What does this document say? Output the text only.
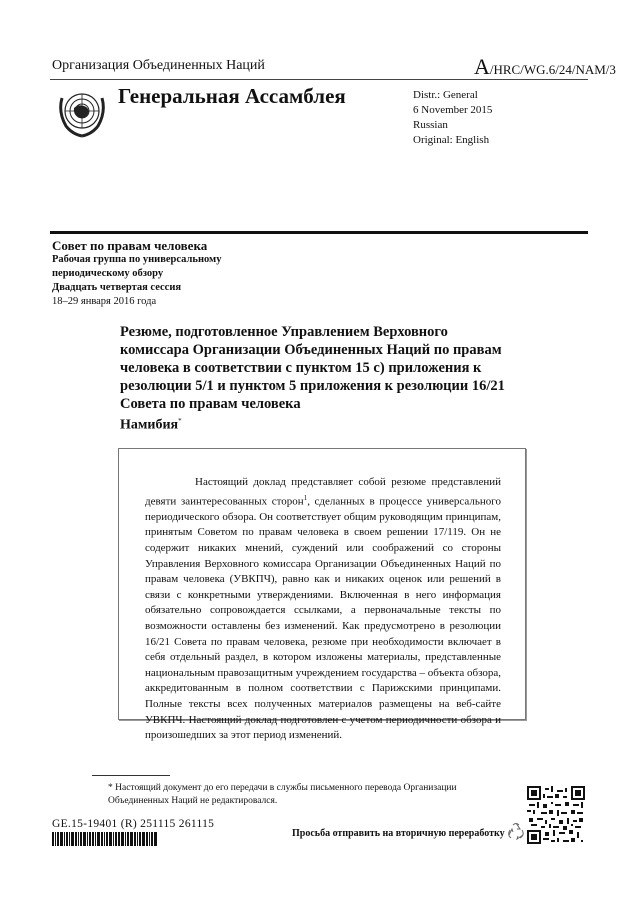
Организация Объединенных Наций	A/HRC/WG.6/24/NAM/3
Генеральная Ассамблея	Distr.: General
6 November 2015
Russian
Original: English
Совет по правам человека
Рабочая группа по универсальному
периодическому обзору
Двадцать четвертая сессия
18–29 января 2016 года
Резюме, подготовленное Управлением Верховного комиссара Организации Объединенных Наций по правам человека в соответствии с пунктом 15 c) приложения к резолюции 5/1 и пунктом 5 приложения к резолюции 16/21 Совета по правам человека
Намибия*
Настоящий доклад представляет собой резюме представлений девяти заинтересованных сторон$^1$, сделанных в процессе универсального периодического обзора. Он соответствует общим руководящим принципам, принятым Советом по правам человека в своем решении 17/119. Он не содержит никаких мнений, суждений или соображений со стороны Управления Верховного комиссара Организации Объединенных Наций по правам человека (УВКПЧ), равно как и никаких оценок или решений в связи с конкретными утверждениями. Включенная в него информация обязательно сопровождается ссылками, а первоначальные тексты по возможности оставлены без изменений. Как предусмотрено в резолюции 16/21 Совета по правам человека, резюме при необходимости включает в себя отдельный раздел, в котором изложены материалы, представленные национальным правозащитным учреждением государства – объекта обзора, аккредитованным в полном соответствии с Парижскими принципами. Полные тексты всех полученных материалов размещены на веб-сайте УВКПЧ. Настоящий доклад подготовлен с учетом периодичности обзора и произошедших за этот период изменений.
* Настоящий документ до его передачи в службы письменного перевода Организации Объединенных Наций не редактировался.
GE.15-19401 (R) 251115 261115
Просьба отправить на вторичную переработку
